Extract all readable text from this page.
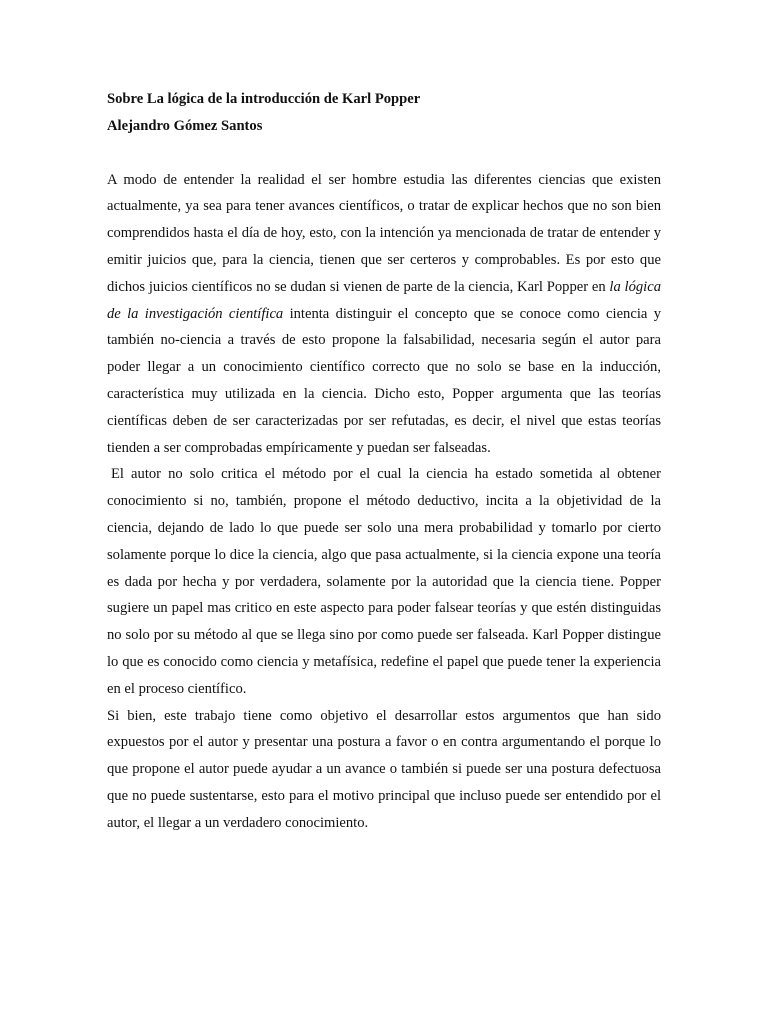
Sobre La lógica de la introducción de Karl Popper

Alejandro Gómez Santos

A modo de entender la realidad el ser hombre estudia las diferentes ciencias que existen actualmente, ya sea para tener avances científicos, o tratar de explicar hechos que no son bien comprendidos hasta el día de hoy, esto, con la intención ya mencionada de tratar de entender y emitir juicios que, para la ciencia, tienen que ser certeros y comprobables. Es por esto que dichos juicios científicos no se dudan si vienen de parte de la ciencia, Karl Popper en la lógica de la investigación científica intenta distinguir el concepto que se conoce como ciencia y también no-ciencia a través de esto propone la falsabilidad, necesaria según el autor para poder llegar a un conocimiento científico correcto que no solo se base en la inducción, característica muy utilizada en la ciencia. Dicho esto, Popper argumenta que las teorías científicas deben de ser caracterizadas por ser refutadas, es decir, el nivel que estas teorías tienden a ser comprobadas empíricamente y puedan ser falseadas.

El autor no solo critica el método por el cual la ciencia ha estado sometida al obtener conocimiento si no, también, propone el método deductivo, incita a la objetividad de la ciencia, dejando de lado lo que puede ser solo una mera probabilidad y tomarlo por cierto solamente porque lo dice la ciencia, algo que pasa actualmente, si la ciencia expone una teoría es dada por hecha y por verdadera, solamente por la autoridad que la ciencia tiene. Popper sugiere un papel mas critico en este aspecto para poder falsear teorías y que estén distinguidas no solo por su método al que se llega sino por como puede ser falseada. Karl Popper distingue lo que es conocido como ciencia y metafísica, redefine el papel que puede tener la experiencia en el proceso científico.

Si bien, este trabajo tiene como objetivo el desarrollar estos argumentos que han sido expuestos por el autor y presentar una postura a favor o en contra argumentando el porque lo que propone el autor puede ayudar a un avance o también si puede ser una postura defectuosa que no puede sustentarse, esto para el motivo principal que incluso puede ser entendido por el autor, el llegar a un verdadero conocimiento.
